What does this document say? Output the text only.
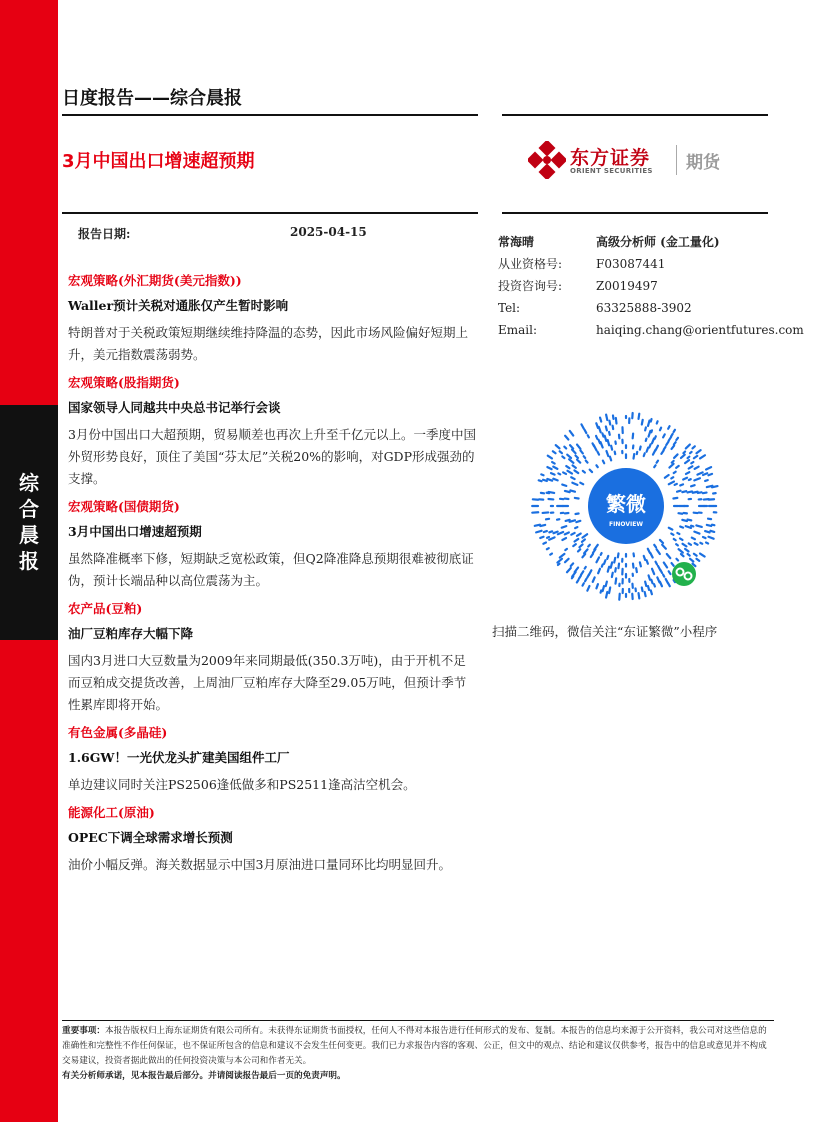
综
合
晨
报
日度报告——综合晨报
3月中国出口增速超预期	东方证券
ORIENT SECURITIES 期货
报告日期:	2025-04-15
常海晴	高级分析师 (金工量化)
从业资格号:	F03087441
投资咨询号:	Z0019497
Tel:	63325888-3902
Email:	haiqing.chang@orientfutures.com
宏观策略(外汇期货(美元指数))
Waller预计关税对通胀仅产生暂时影响
特朗普对于关税政策短期继续维持降温的态势，因此市场风险偏好短期上升，美元指数震荡弱势。
宏观策略(股指期货)
国家领导人同越共中央总书记举行会谈
3月份中国出口大超预期，贸易顺差也再次上升至千亿元以上。一季度中国外贸形势良好，顶住了美国“芬太尼”关税20%的影响，对GDP形成强劲的支撑。
宏观策略(国债期货)
3月中国出口增速超预期
虽然降准概率下修，短期缺乏宽松政策，但Q2降准降息预期很难被彻底证伪，预计长端品种以高位震荡为主。
农产品(豆粕)
油厂豆粕库存大幅下降
国内3月进口大豆数量为2009年来同期最低(350.3万吨)，由于开机不足而豆粕成交提货改善，上周油厂豆粕库存大降至29.05万吨，但预计季节性累库即将开始。
有色金属(多晶硅)
1.6GW！一光伏龙头扩建美国组件工厂
单边建议同时关注PS2506逢低做多和PS2511逢高沽空机会。
能源化工(原油)
OPEC下调全球需求增长预测
油价小幅反弹。海关数据显示中国3月原油进口量同环比均明显回升。
繁微
FINOVIEW
扫描二维码，微信关注“东证繁微”小程序
重要事项：本报告版权归上海东证期货有限公司所有。未获得东证期货书面授权，任何人不得对本报告进行任何形式的发布、复制。本报告的信息均来源于公开资料，我公司对这些信息的准确性和完整性不作任何保证，也不保证所包含的信息和建议不会发生任何变更。我们已力求报告内容的客观、公正，但文中的观点、结论和建议仅供参考，报告中的信息或意见并不构成交易建议，投资者据此做出的任何投资决策与本公司和作者无关。
有关分析师承诺，见本报告最后部分。并请阅读报告最后一页的免责声明。
